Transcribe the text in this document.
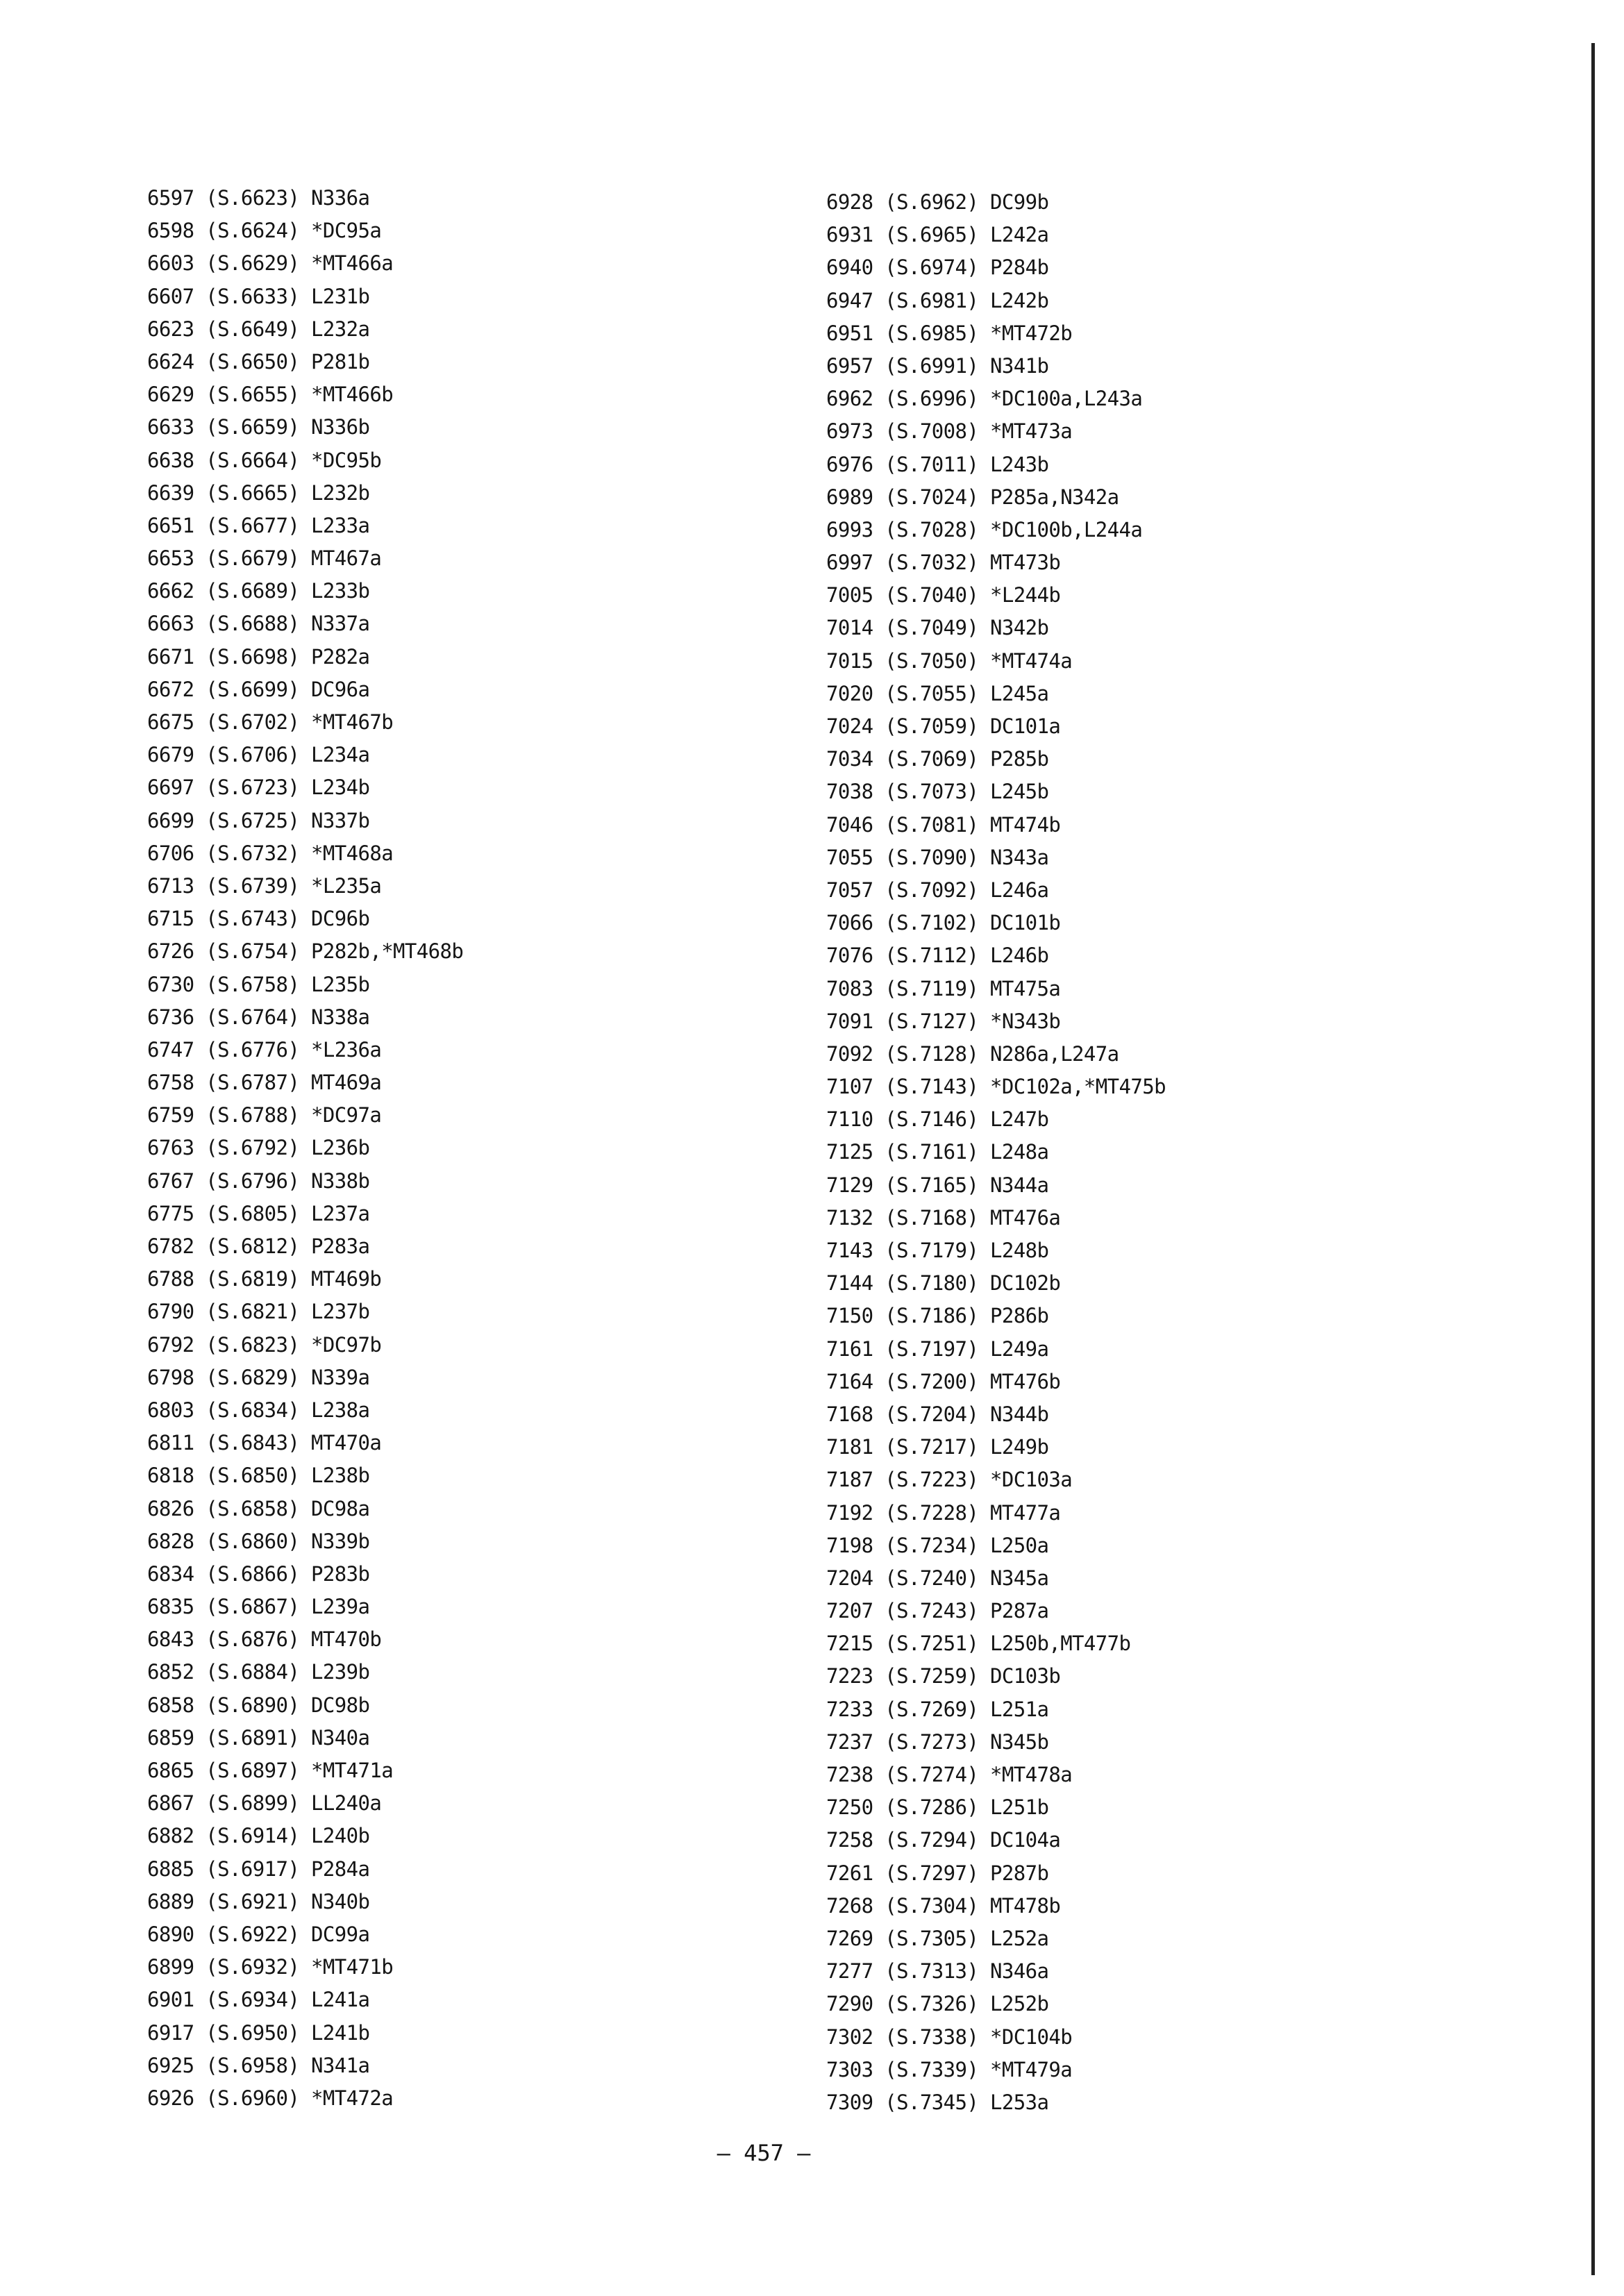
6597 (S.6623) N336a
6598 (S.6624) *DC95a
6603 (S.6629) *MT466a
6607 (S.6633) L231b
6623 (S.6649) L232a
6624 (S.6650) P281b
6629 (S.6655) *MT466b
6633 (S.6659) N336b
6638 (S.6664) *DC95b
6639 (S.6665) L232b
6651 (S.6677) L233a
6653 (S.6679) MT467a
6662 (S.6689) L233b
6663 (S.6688) N337a
6671 (S.6698) P282a
6672 (S.6699) DC96a
6675 (S.6702) *MT467b
6679 (S.6706) L234a
6697 (S.6723) L234b
6699 (S.6725) N337b
6706 (S.6732) *MT468a
6713 (S.6739) *L235a
6715 (S.6743) DC96b
6726 (S.6754) P282b,*MT468b
6730 (S.6758) L235b
6736 (S.6764) N338a
6747 (S.6776) *L236a
6758 (S.6787) MT469a
6759 (S.6788) *DC97a
6763 (S.6792) L236b
6767 (S.6796) N338b
6775 (S.6805) L237a
6782 (S.6812) P283a
6788 (S.6819) MT469b
6790 (S.6821) L237b
6792 (S.6823) *DC97b
6798 (S.6829) N339a
6803 (S.6834) L238a
6811 (S.6843) MT470a
6818 (S.6850) L238b
6826 (S.6858) DC98a
6828 (S.6860) N339b
6834 (S.6866) P283b
6835 (S.6867) L239a
6843 (S.6876) MT470b
6852 (S.6884) L239b
6858 (S.6890) DC98b
6859 (S.6891) N340a
6865 (S.6897) *MT471a
6867 (S.6899) LL240a
6882 (S.6914) L240b
6885 (S.6917) P284a
6889 (S.6921) N340b
6890 (S.6922) DC99a
6899 (S.6932) *MT471b
6901 (S.6934) L241a
6917 (S.6950) L241b
6925 (S.6958) N341a
6926 (S.6960) *MT472a
6928 (S.6962) DC99b
6931 (S.6965) L242a
6940 (S.6974) P284b
6947 (S.6981) L242b
6951 (S.6985) *MT472b
6957 (S.6991) N341b
6962 (S.6996) *DC100a,L243a
6973 (S.7008) *MT473a
6976 (S.7011) L243b
6989 (S.7024) P285a,N342a
6993 (S.7028) *DC100b,L244a
6997 (S.7032) MT473b
7005 (S.7040) *L244b
7014 (S.7049) N342b
7015 (S.7050) *MT474a
7020 (S.7055) L245a
7024 (S.7059) DC101a
7034 (S.7069) P285b
7038 (S.7073) L245b
7046 (S.7081) MT474b
7055 (S.7090) N343a
7057 (S.7092) L246a
7066 (S.7102) DC101b
7076 (S.7112) L246b
7083 (S.7119) MT475a
7091 (S.7127) *N343b
7092 (S.7128) N286a,L247a
7107 (S.7143) *DC102a,*MT475b
7110 (S.7146) L247b
7125 (S.7161) L248a
7129 (S.7165) N344a
7132 (S.7168) MT476a
7143 (S.7179) L248b
7144 (S.7180) DC102b
7150 (S.7186) P286b
7161 (S.7197) L249a
7164 (S.7200) MT476b
7168 (S.7204) N344b
7181 (S.7217) L249b
7187 (S.7223) *DC103a
7192 (S.7228) MT477a
7198 (S.7234) L250a
7204 (S.7240) N345a
7207 (S.7243) P287a
7215 (S.7251) L250b,MT477b
7223 (S.7259) DC103b
7233 (S.7269) L251a
7237 (S.7273) N345b
7238 (S.7274) *MT478a
7250 (S.7286) L251b
7258 (S.7294) DC104a
7261 (S.7297) P287b
7268 (S.7304) MT478b
7269 (S.7305) L252a
7277 (S.7313) N346a
7290 (S.7326) L252b
7302 (S.7338) *DC104b
7303 (S.7339) *MT479a
7309 (S.7345) L253a
— 457 —
